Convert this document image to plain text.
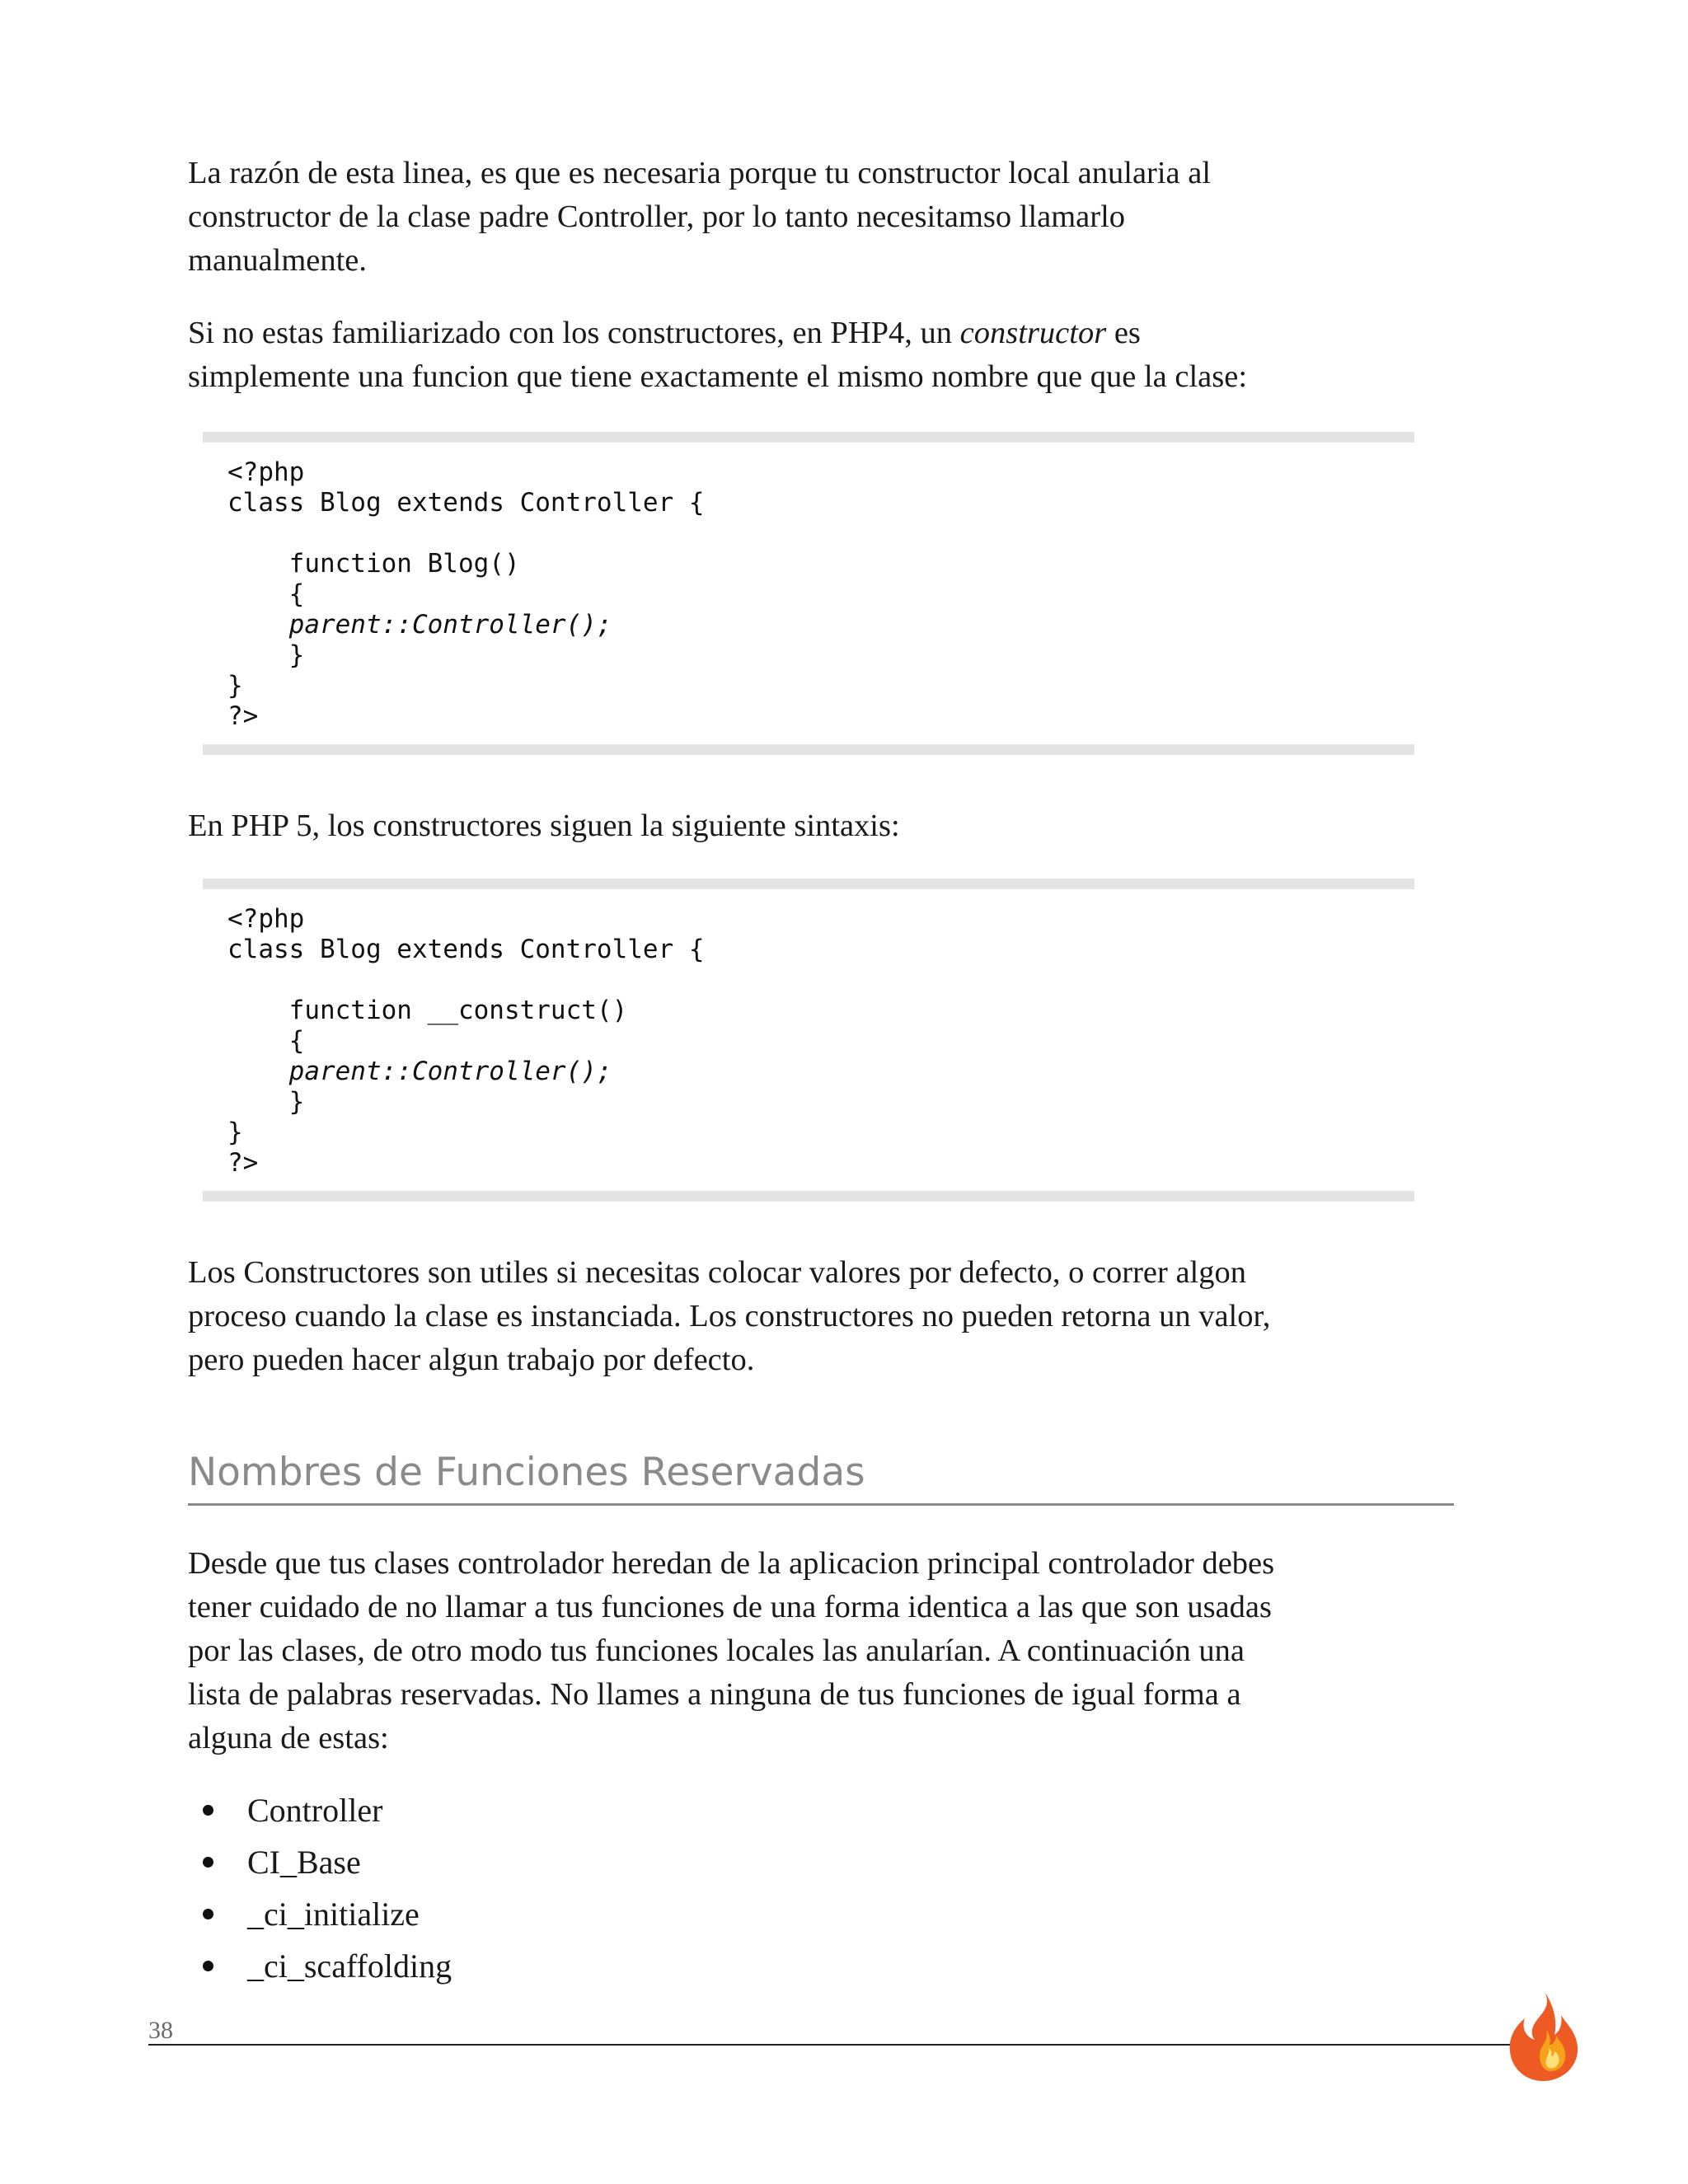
La razón de esta linea, es que es necesaria porque tu constructor local anularia al
constructor de la clase padre Controller, por lo tanto necesitamso llamarlo
manualmente.

Si no estas familiarizado con los constructores, en PHP4, un constructor es
simplemente una funcion que tiene exactamente el mismo nombre que que la clase:

<?php
class Blog extends Controller {
function Blog()
{
parent::Controller();
}
}
?>

En PHP 5, los constructores siguen la siguiente sintaxis:

<?php
class Blog extends Controller {
function __construct()
{
parent::Controller();
}
}
?>

Los Constructores son utiles si necesitas colocar valores por defecto, o correr algon
proceso cuando la clase es instanciada. Los constructores no pueden retorna un valor,
pero pueden hacer algun trabajo por defecto.

Nombres de Funciones Reservadas

Desde que tus clases controlador heredan de la aplicacion principal controlador debes
tener cuidado de no llamar a tus funciones de una forma identica a las que son usadas
por las clases, de otro modo tus funciones locales las anularían. A continuación una
lista de palabras reservadas. No llames a ninguna de tus funciones de igual forma a
alguna de estas:

Controller
CI_Base
_ci_initialize
_ci_scaffolding
38
